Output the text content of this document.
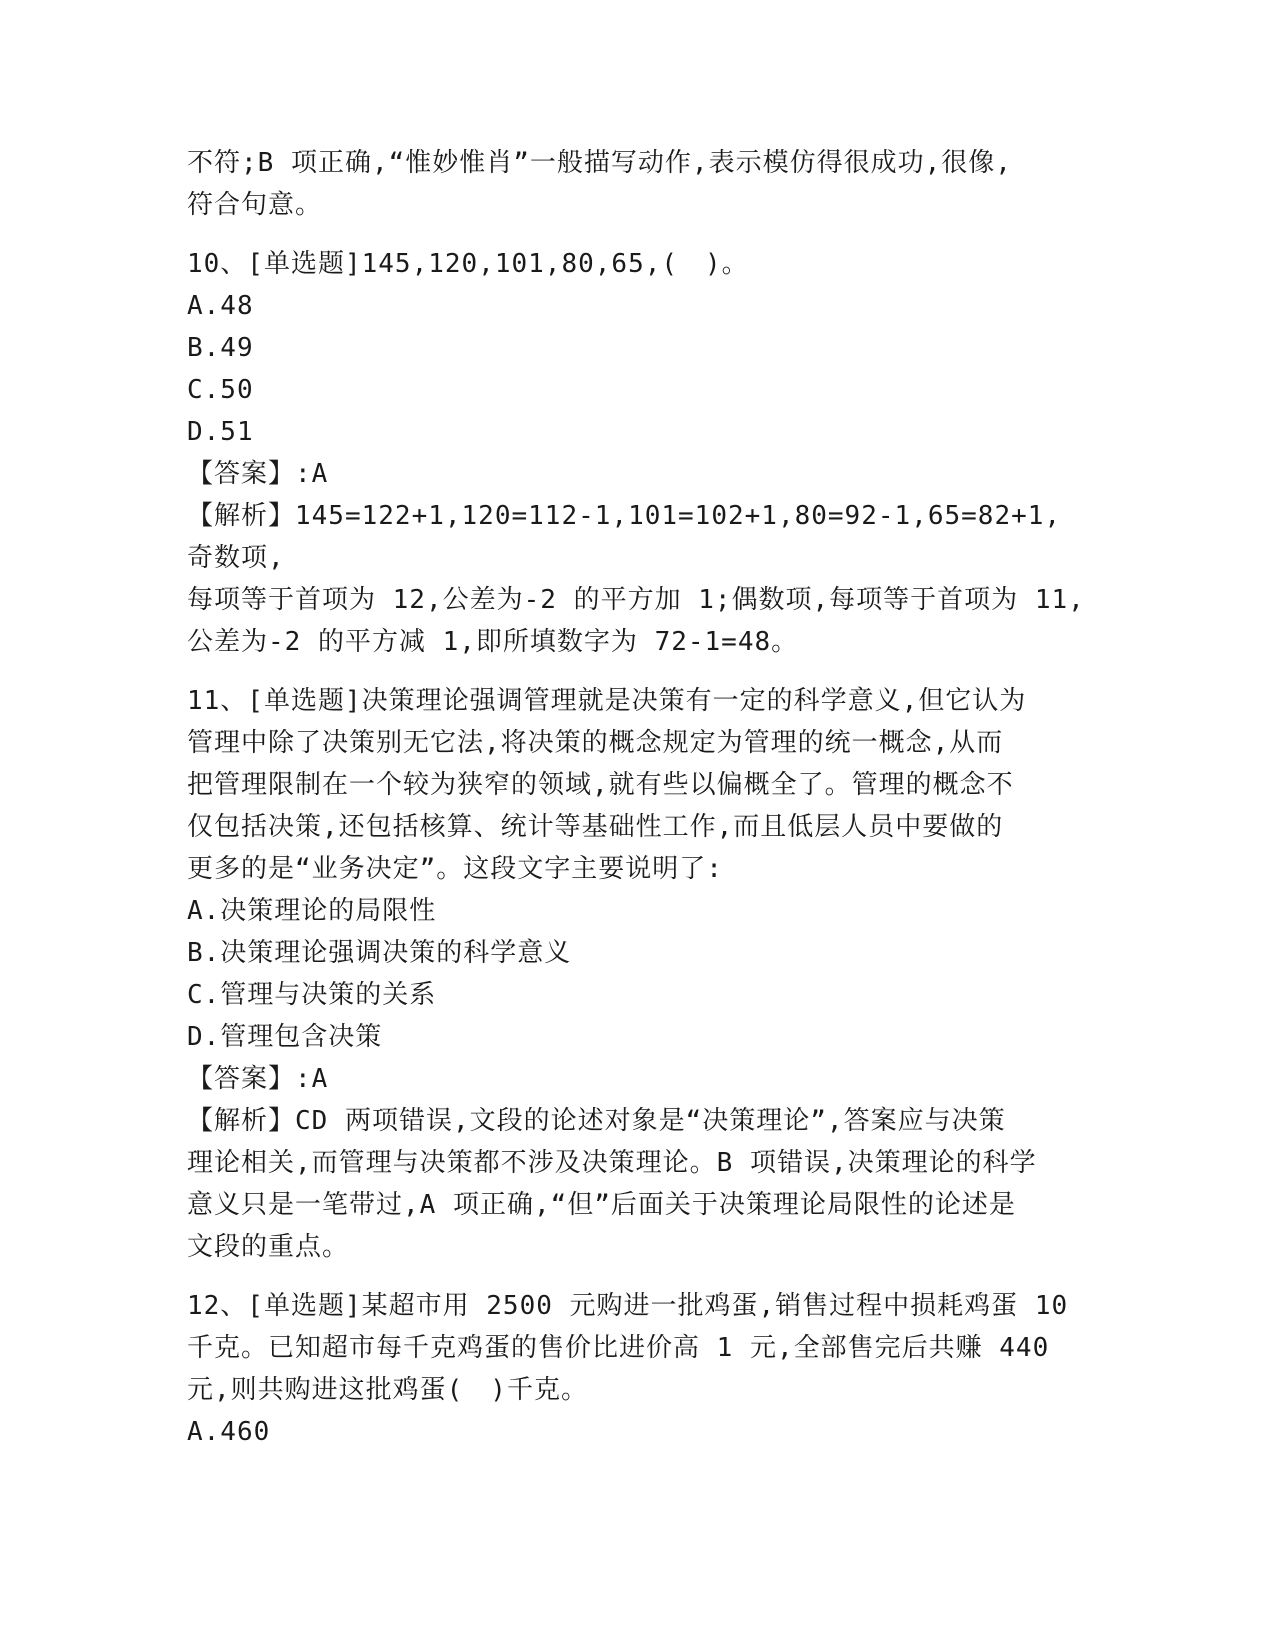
不符;B 项正确,“惟妙惟肖”一般描写动作,表示模仿得很成功,很像,

符合句意。

10、[单选题]145,120,101,80,65,(　)。

A.48

B.49

C.50

D.51

【答案】:A

【解析】145=122+1,120=112-1,101=102+1,80=92-1,65=82+1,奇数项,

每项等于首项为 12,公差为-2 的平方加 1;偶数项,每项等于首项为 11,

公差为-2 的平方减 1,即所填数字为 72-1=48。

11、[单选题]决策理论强调管理就是决策有一定的科学意义,但它认为

管理中除了决策别无它法,将决策的概念规定为管理的统一概念,从而

把管理限制在一个较为狭窄的领域,就有些以偏概全了。管理的概念不

仅包括决策,还包括核算、统计等基础性工作,而且低层人员中要做的

更多的是“业务决定”。这段文字主要说明了:

A.决策理论的局限性

B.决策理论强调决策的科学意义

C.管理与决策的关系

D.管理包含决策

【答案】:A

【解析】CD 两项错误,文段的论述对象是“决策理论”,答案应与决策

理论相关,而管理与决策都不涉及决策理论。B 项错误,决策理论的科学

意义只是一笔带过,A 项正确,“但”后面关于决策理论局限性的论述是

文段的重点。

12、[单选题]某超市用 2500 元购进一批鸡蛋,销售过程中损耗鸡蛋 10

千克。已知超市每千克鸡蛋的售价比进价高 1 元,全部售完后共赚 440

元,则共购进这批鸡蛋(　)千克。

A.460
